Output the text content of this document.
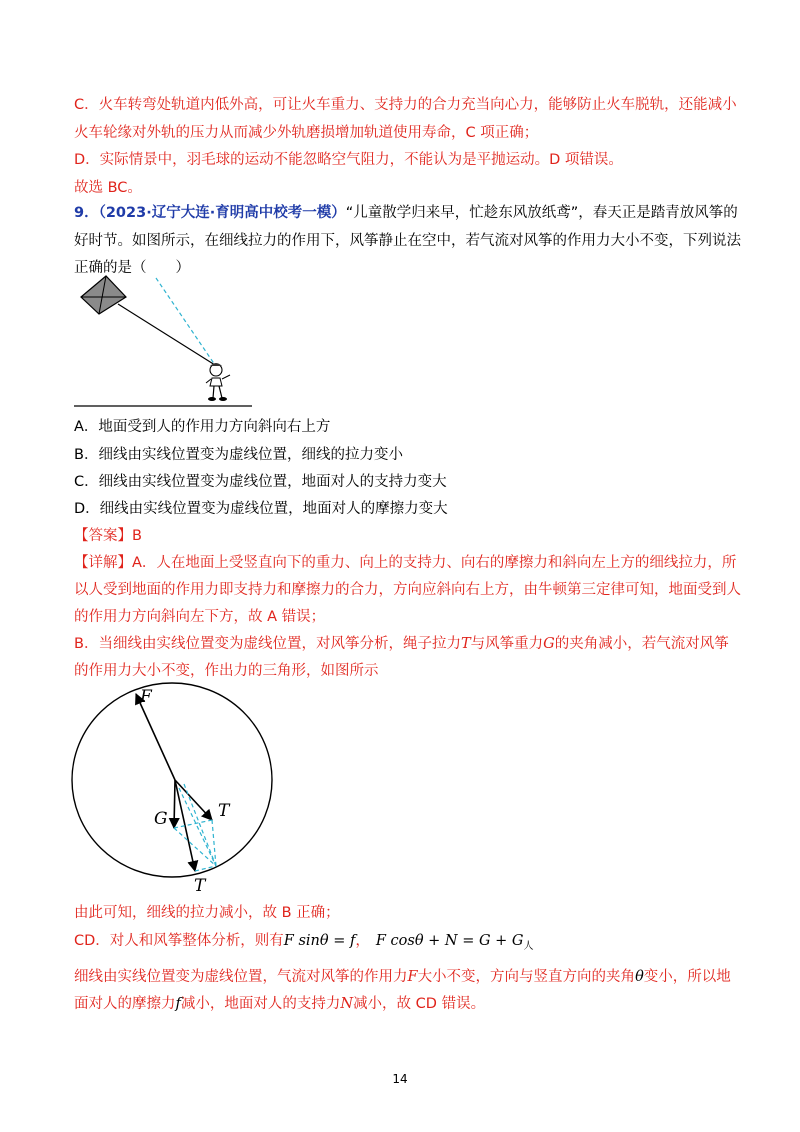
C．火车转弯处轨道内低外高，可让火车重力、支持力的合力充当向心力，能够防止火车脱轨，还能减小
火车轮缘对外轨的压力从而减少外轨磨损增加轨道使用寿命，C 项正确；
D．实际情景中，羽毛球的运动不能忽略空气阻力，不能认为是平抛运动。D 项错误。
故选 BC。
9．（2023·辽宁大连·育明高中校考一模）“儿童散学归来早，忙趁东风放纸鸢”，春天正是踏青放风筝的
好时节。如图所示，在细线拉力的作用下，风筝静止在空中，若气流对风筝的作用力大小不变，下列说法
正确的是（　　）
A．地面受到人的作用力方向斜向右上方
B．细线由实线位置变为虚线位置，细线的拉力变小
C．细线由实线位置变为虚线位置，地面对人的支持力变大
D．细线由实线位置变为虚线位置，地面对人的摩擦力变大
【答案】B
【详解】A．人在地面上受竖直向下的重力、向上的支持力、向右的摩擦力和斜向左上方的细线拉力，所
以人受到地面的作用力即支持力和摩擦力的合力，方向应斜向右上方，由牛顿第三定律可知，地面受到人
的作用力方向斜向左下方，故 A 错误；
B．当细线由实线位置变为虚线位置，对风筝分析，绳子拉力T与风筝重力G的夹角减小，若气流对风筝
的作用力大小不变，作出力的三角形，如图所示
F
G	T
T
由此可知，细线的拉力减小，故 B 正确；
CD．对人和风筝整体分析，则有F sinθ = f， F $\cos\theta + N = G + G_人$
细线由实线位置变为虚线位置，气流对风筝的作用力F大小不变，方向与竖直方向的夹角θ变小，所以地
面对人的摩擦力f减小，地面对人的支持力N减小，故 CD 错误。
14
